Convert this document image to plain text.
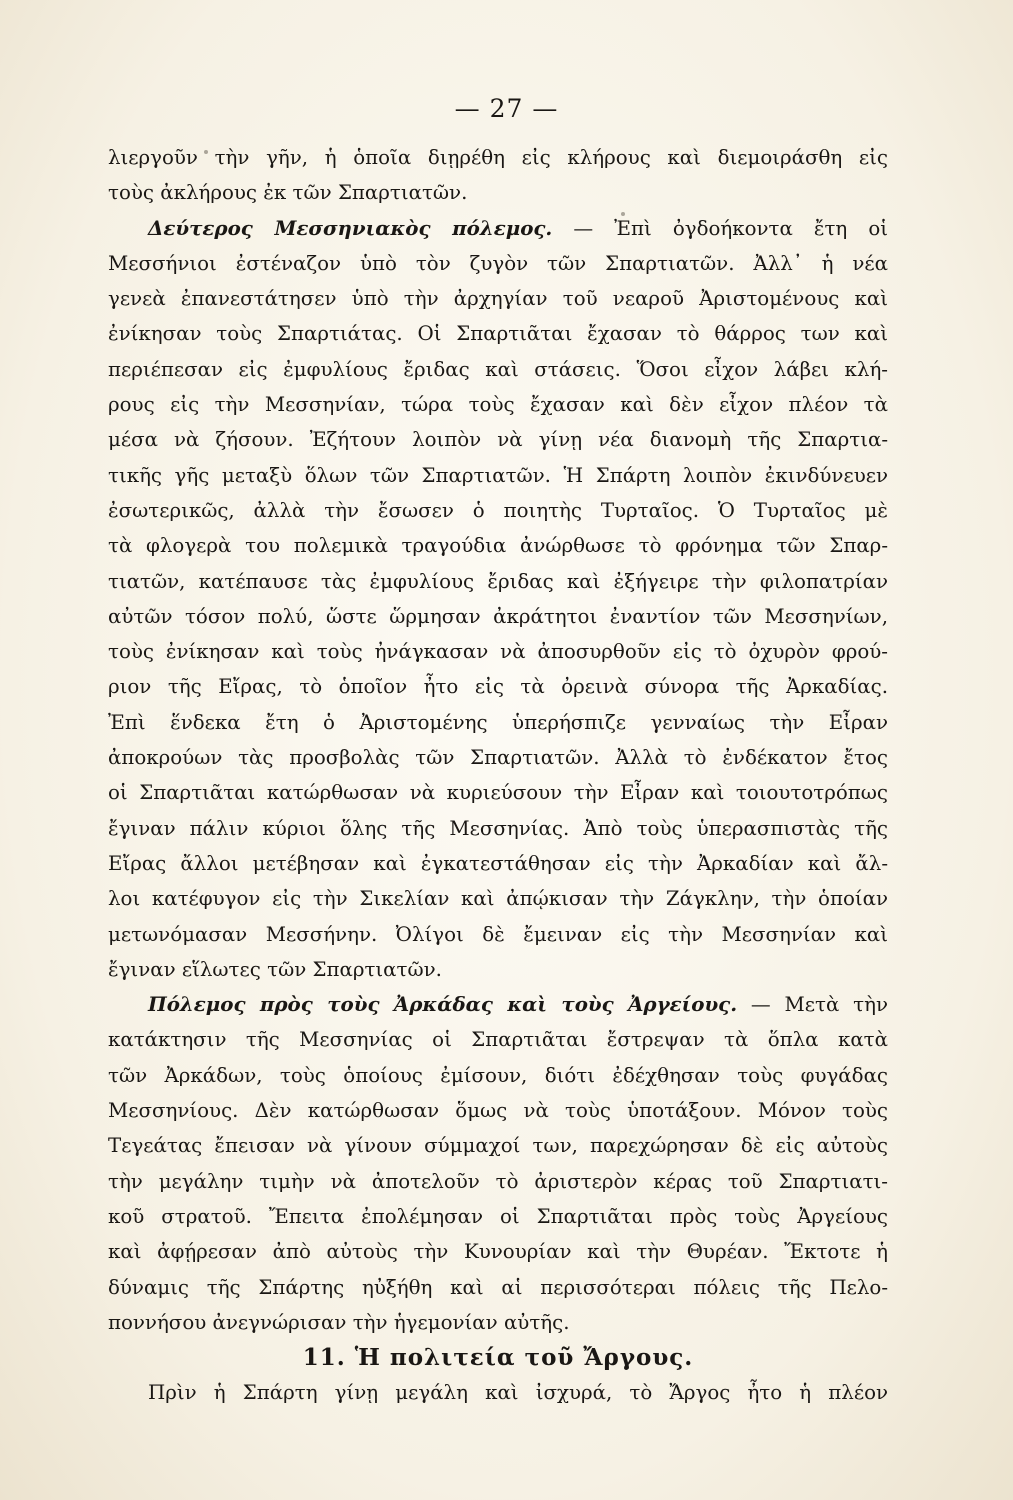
— 27 —
λιεργοῦν τὴν γῆν, ἡ ὁποῖα διῃρέθη εἰς κλήρους καὶ διεμοιράσθη εἰς
τοὺς ἀκλήρους ἐκ τῶν Σπαρτιατῶν.
Δεύτερος Μεσσηνιακὸς πόλεμος. — Ἐπὶ ὀγδοήκοντα ἔτη οἱ
Μεσσήνιοι ἐστέναζον ὑπὸ τὸν ζυγὸν τῶν Σπαρτιατῶν. Ἀλλ᾿ ἡ νέα
γενεὰ ἐπανεστάτησεν ὑπὸ τὴν ἀρχηγίαν τοῦ νεαροῦ Ἀριστομένους καὶ
ἐνίκησαν τοὺς Σπαρτιάτας. Οἱ Σπαρτιᾶται ἔχασαν τὸ θάρρος των καὶ
περιέπεσαν εἰς ἐμφυλίους ἔριδας καὶ στάσεις. Ὅσοι εἶχον λάβει κλή-
ρους εἰς τὴν Μεσσηνίαν, τώρα τοὺς ἔχασαν καὶ δὲν εἶχον πλέον τὰ
μέσα νὰ ζήσουν. Ἐζήτουν λοιπὸν νὰ γίνῃ νέα διανομὴ τῆς Σπαρτια-
τικῆς γῆς μεταξὺ ὅλων τῶν Σπαρτιατῶν. Ἡ Σπάρτη λοιπὸν ἐκινδύνευεν
ἐσωτερικῶς, ἀλλὰ τὴν ἔσωσεν ὁ ποιητὴς Τυρταῖος. Ὁ Τυρταῖος μὲ
τὰ φλογερὰ του πολεμικὰ τραγούδια ἀνώρθωσε τὸ φρόνημα τῶν Σπαρ-
τιατῶν, κατέπαυσε τὰς ἐμφυλίους ἔριδας καὶ ἐξήγειρε τὴν φιλοπατρίαν
αὐτῶν τόσον πολύ, ὥστε ὥρμησαν ἀκράτητοι ἐναντίον τῶν Μεσσηνίων,
τοὺς ἐνίκησαν καὶ τοὺς ἠνάγκασαν νὰ ἀποσυρθοῦν εἰς τὸ ὀχυρὸν φρού-
ριον τῆς Εἴρας, τὸ ὁποῖον ἦτο εἰς τὰ ὀρεινὰ σύνορα τῆς Ἀρκαδίας.
Ἐπὶ ἕνδεκα ἔτη ὁ Ἀριστομένης ὑπερήσπιζε γενναίως τὴν Εἶραν
ἀποκρούων τὰς προσβολὰς τῶν Σπαρτιατῶν. Ἀλλὰ τὸ ἐνδέκατον ἔτος
οἱ Σπαρτιᾶται κατώρθωσαν νὰ κυριεύσουν τὴν Εἶραν καὶ τοιουτοτρόπως
ἔγιναν πάλιν κύριοι ὅλης τῆς Μεσσηνίας. Ἀπὸ τοὺς ὑπερασπιστὰς τῆς
Εἴρας ἄλλοι μετέβησαν καὶ ἐγκατεστάθησαν εἰς τὴν Ἀρκαδίαν καὶ ἄλ-
λοι κατέφυγον εἰς τὴν Σικελίαν καὶ ἀπῴκισαν τὴν Ζάγκλην, τὴν ὁποίαν
μετωνόμασαν Μεσσήνην. Ὀλίγοι δὲ ἔμειναν εἰς τὴν Μεσσηνίαν καὶ
ἔγιναν εἵλωτες τῶν Σπαρτιατῶν.
Πόλεμος πρὸς τοὺς Ἀρκάδας καὶ τοὺς Ἀργείους. — Μετὰ τὴν
κατάκτησιν τῆς Μεσσηνίας οἱ Σπαρτιᾶται ἔστρεψαν τὰ ὅπλα κατὰ
τῶν Ἀρκάδων, τοὺς ὁποίους ἐμίσουν, διότι ἐδέχθησαν τοὺς φυγάδας
Μεσσηνίους. Δὲν κατώρθωσαν ὅμως νὰ τοὺς ὑποτάξουν. Μόνον τοὺς
Τεγεάτας ἔπεισαν νὰ γίνουν σύμμαχοί των, παρεχώρησαν δὲ εἰς αὐτοὺς
τὴν μεγάλην τιμὴν νὰ ἀποτελοῦν τὸ ἀριστερὸν κέρας τοῦ Σπαρτιατι-
κοῦ στρατοῦ. Ἔπειτα ἐπολέμησαν οἱ Σπαρτιᾶται πρὸς τοὺς Ἀργείους
καὶ ἀφῄρεσαν ἀπὸ αὐτοὺς τὴν Κυνουρίαν καὶ τὴν Θυρέαν. Ἔκτοτε ἡ
δύναμις τῆς Σπάρτης ηὐξήθη καὶ αἱ περισσότεραι πόλεις τῆς Πελο-
ποννήσου ἀνεγνώρισαν τὴν ἡγεμονίαν αὐτῆς.
11. Ἡ πολιτεία τοῦ Ἄργους.
Πρὶν ἡ Σπάρτη γίνῃ μεγάλη καὶ ἰσχυρά, τὸ Ἄργος ἦτο ἡ πλέον
